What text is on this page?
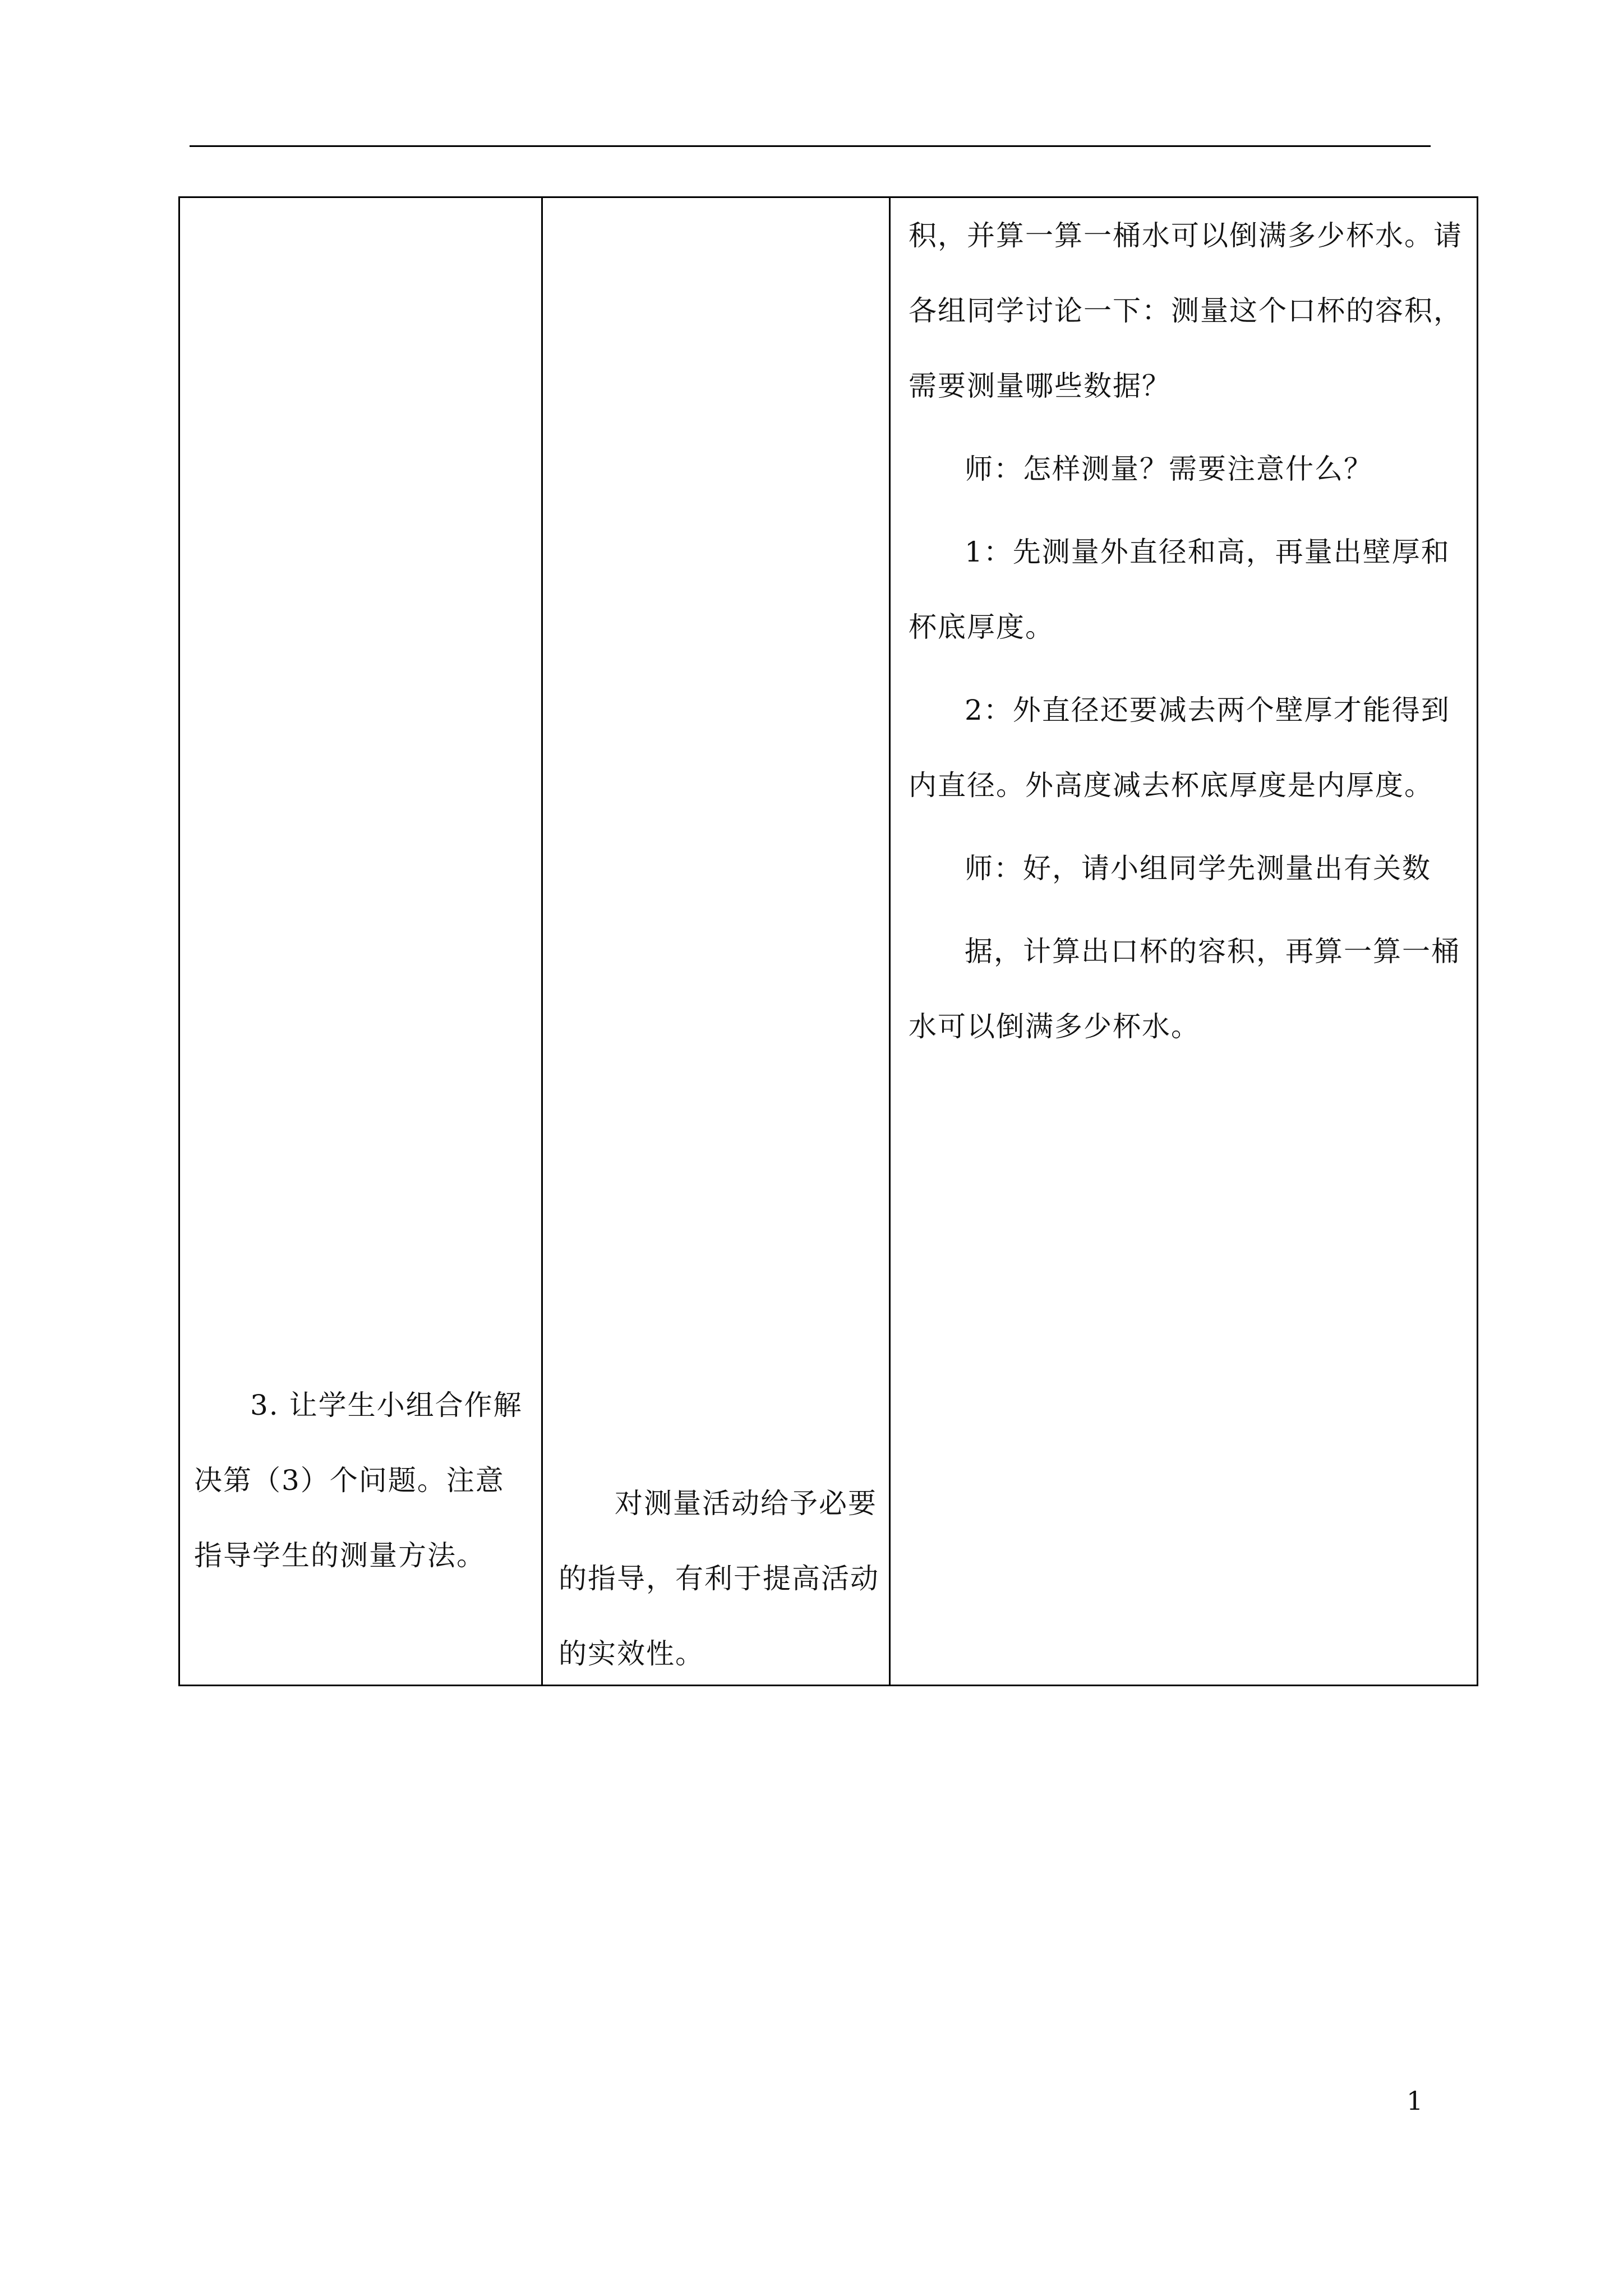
3. 让学生小组合作解决第（3）个问题。注意指导学生的测量方法。

对测量活动给予必要的指导，有利于提高活动的实效性。

积，并算一算一桶水可以倒满多少杯水。请各组同学讨论一下：测量这个口杯的容积，需要测量哪些数据？

师：怎样测量？需要注意什么？

1：先测量外直径和高，再量出壁厚和杯底厚度。

2：外直径还要减去两个壁厚才能得到内直径。外高度减去杯底厚度是内厚度。

师：好，请小组同学先测量出有关数

据，计算出口杯的容积，再算一算一桶水可以倒满多少杯水。

1
